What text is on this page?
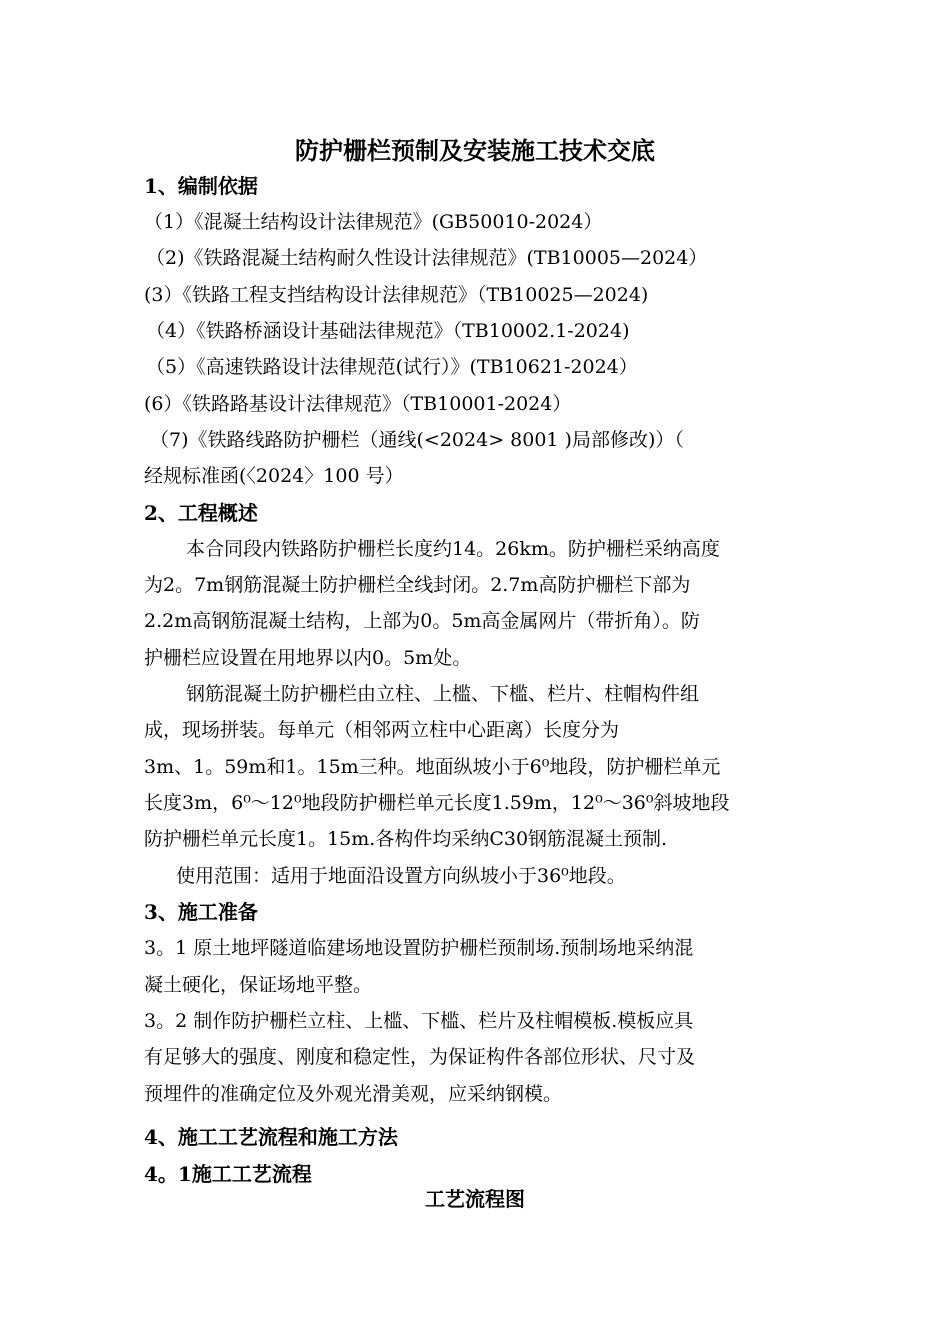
防护栅栏预制及安装施工技术交底
1、编制依据
（1）《混凝土结构设计法律规范》(GB50010-2024）
（2)《铁路混凝土结构耐久性设计法律规范》(TB10005—2024）
(3）《铁路工程支挡结构设计法律规范》（TB10025—2024)
（4）《铁路桥涵设计基础法律规范》（TB10002.1-2024)
（5）《高速铁路设计法律规范(试行）》(TB10621-2024）
(6）《铁路路基设计法律规范》（TB10001-2024）
（7)《铁路线路防护栅栏（通线(<2024> 8001 )局部修改)）（
经规标准函(〈2024〉100 号）
2、工程概述
本合同段内铁路防护栅栏长度约14。26km。防护栅栏采纳高度
为2。7m钢筋混凝土防护栅栏全线封闭。2.7m高防护栅栏下部为
2.2m高钢筋混凝土结构，上部为0。5m高金属网片（带折角）。防
护栅栏应设置在用地界以内0。5m处。
钢筋混凝土防护栅栏由立柱、上槛、下槛、栏片、柱帽构件组
成，现场拼装。每单元（相邻两立柱中心距离）长度分为
3m、1。59m和1。15m三种。地面纵坡小于6⁰地段，防护栅栏单元
长度3m，6⁰～12⁰地段防护栅栏单元长度1.59m，12⁰～36⁰斜坡地段
防护栅栏单元长度1。15m.各构件均采纳C30钢筋混凝土预制.
使用范围：适用于地面沿设置方向纵坡小于36⁰地段。
3、施工准备
3。1 原土地坪隧道临建场地设置防护栅栏预制场.预制场地采纳混
凝土硬化，保证场地平整。
3。2 制作防护栅栏立柱、上槛、下槛、栏片及柱帽模板.模板应具
有足够大的强度、刚度和稳定性，为保证构件各部位形状、尺寸及
预埋件的准确定位及外观光滑美观，应采纳钢模。
4、施工工艺流程和施工方法
4。1施工工艺流程
工艺流程图
